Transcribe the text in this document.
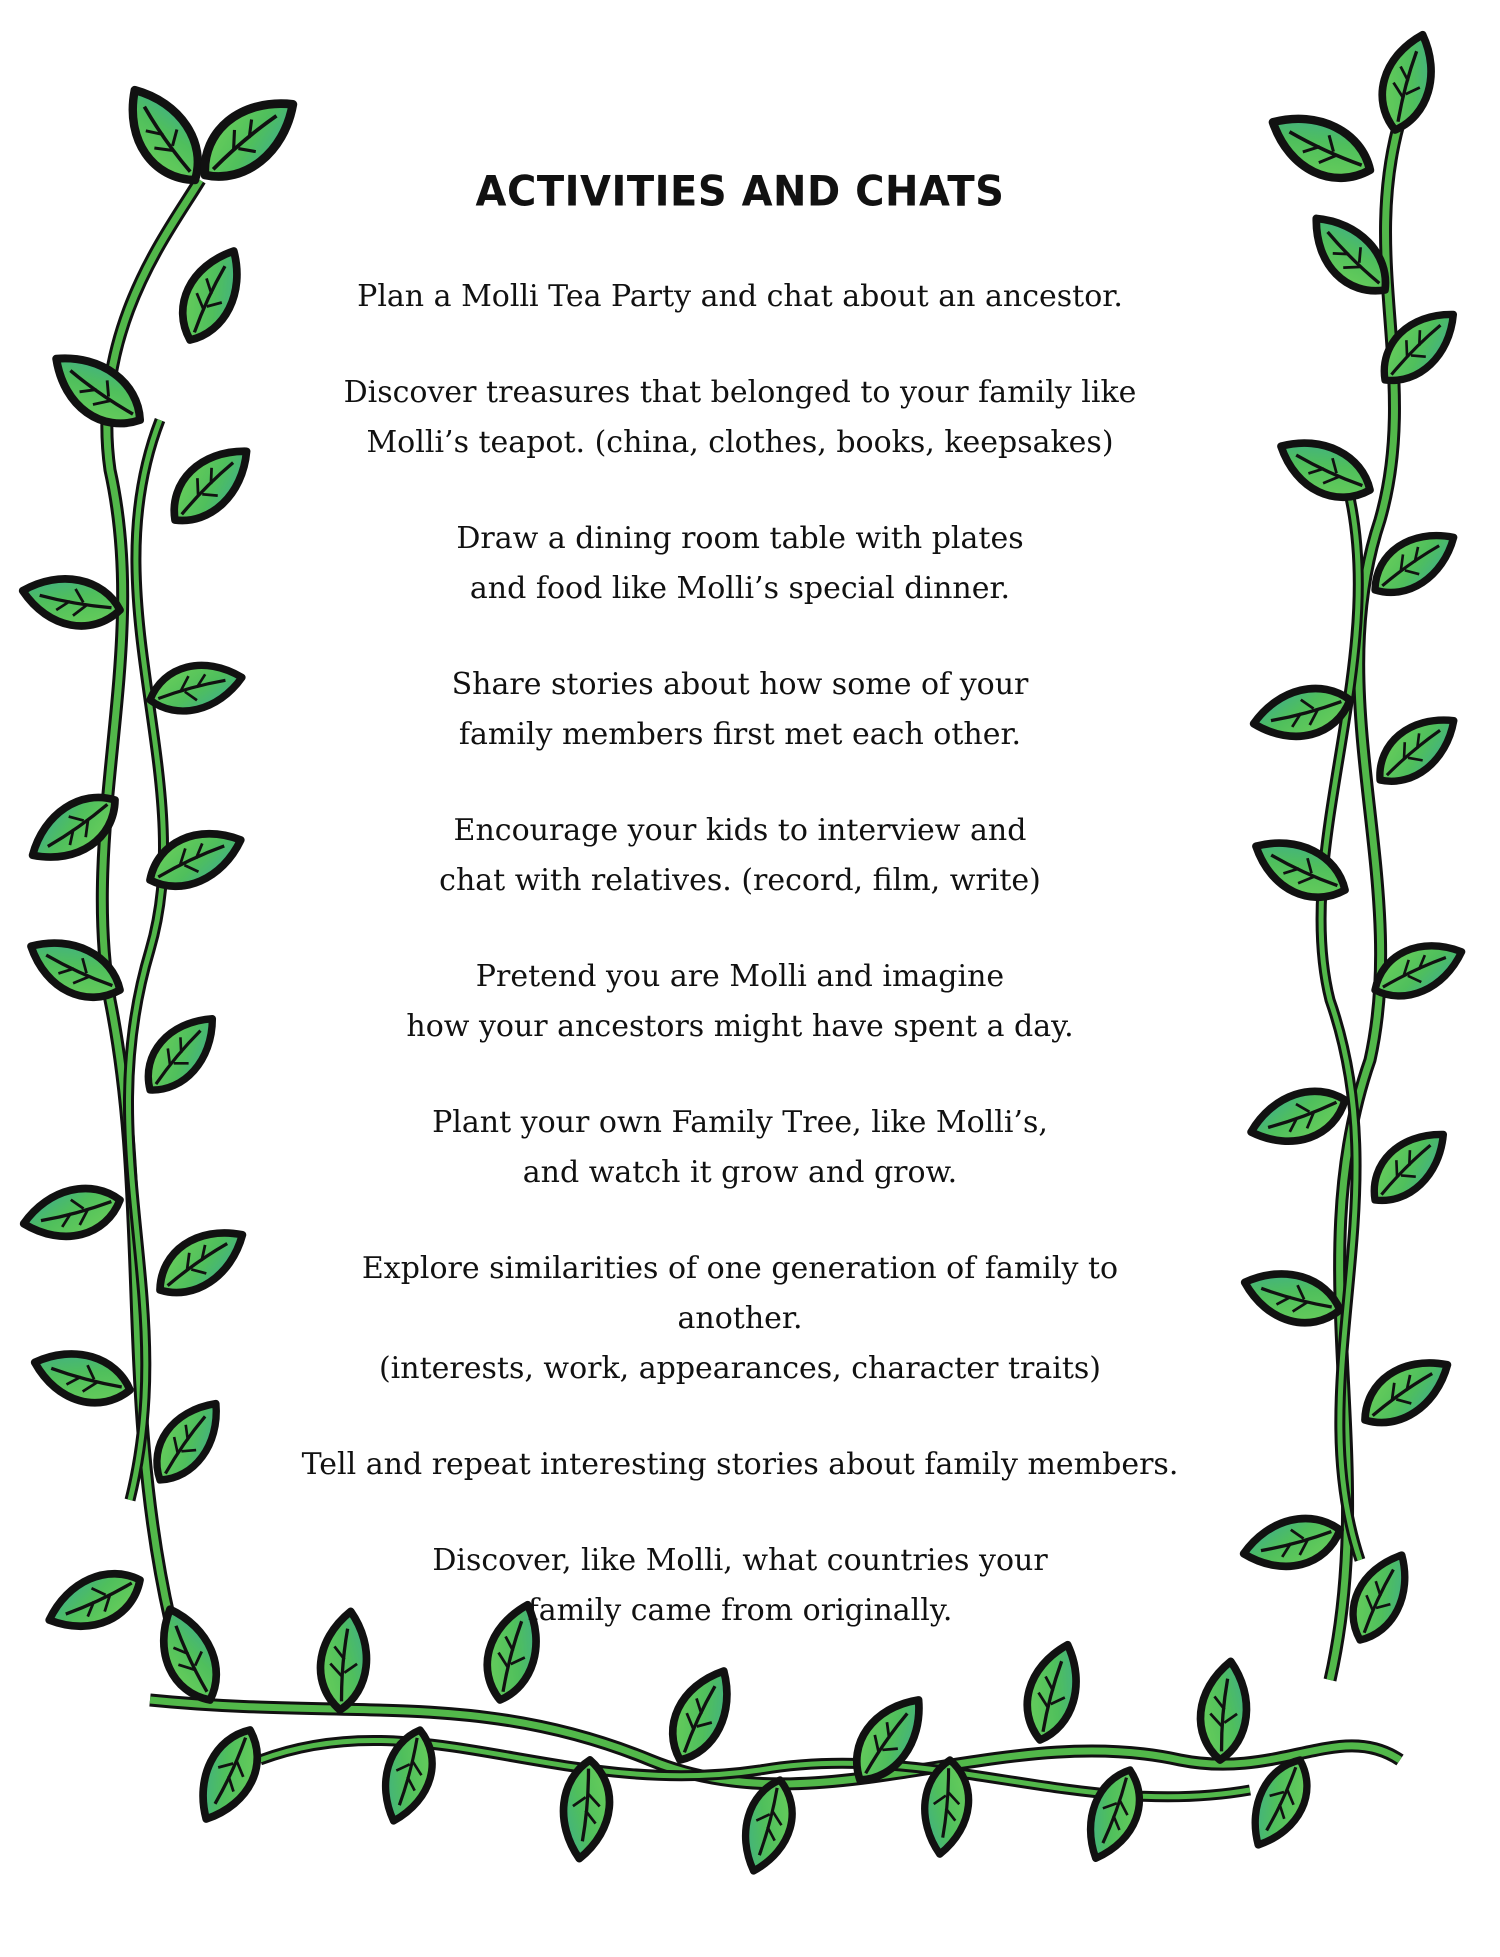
ACTIVITIES AND CHATS
Plan a Molli Tea Party and chat about an ancestor.
Discover treasures that belonged to your family like
Molli’s teapot. (china, clothes, books, keepsakes)
Draw a dining room table with plates
and food like Molli’s special dinner.
Share stories about how some of your
family members first met each other.
Encourage your kids to interview and
chat with relatives. (record, film, write)
Pretend you are Molli and imagine
how your ancestors might have spent a day.
Plant your own Family Tree, like Molli’s,
and watch it grow and grow.
Explore similarities of one generation of family to another.
(interests, work, appearances, character traits)
Tell and repeat interesting stories about family members.
Discover, like Molli, what countries your
family came from originally.
